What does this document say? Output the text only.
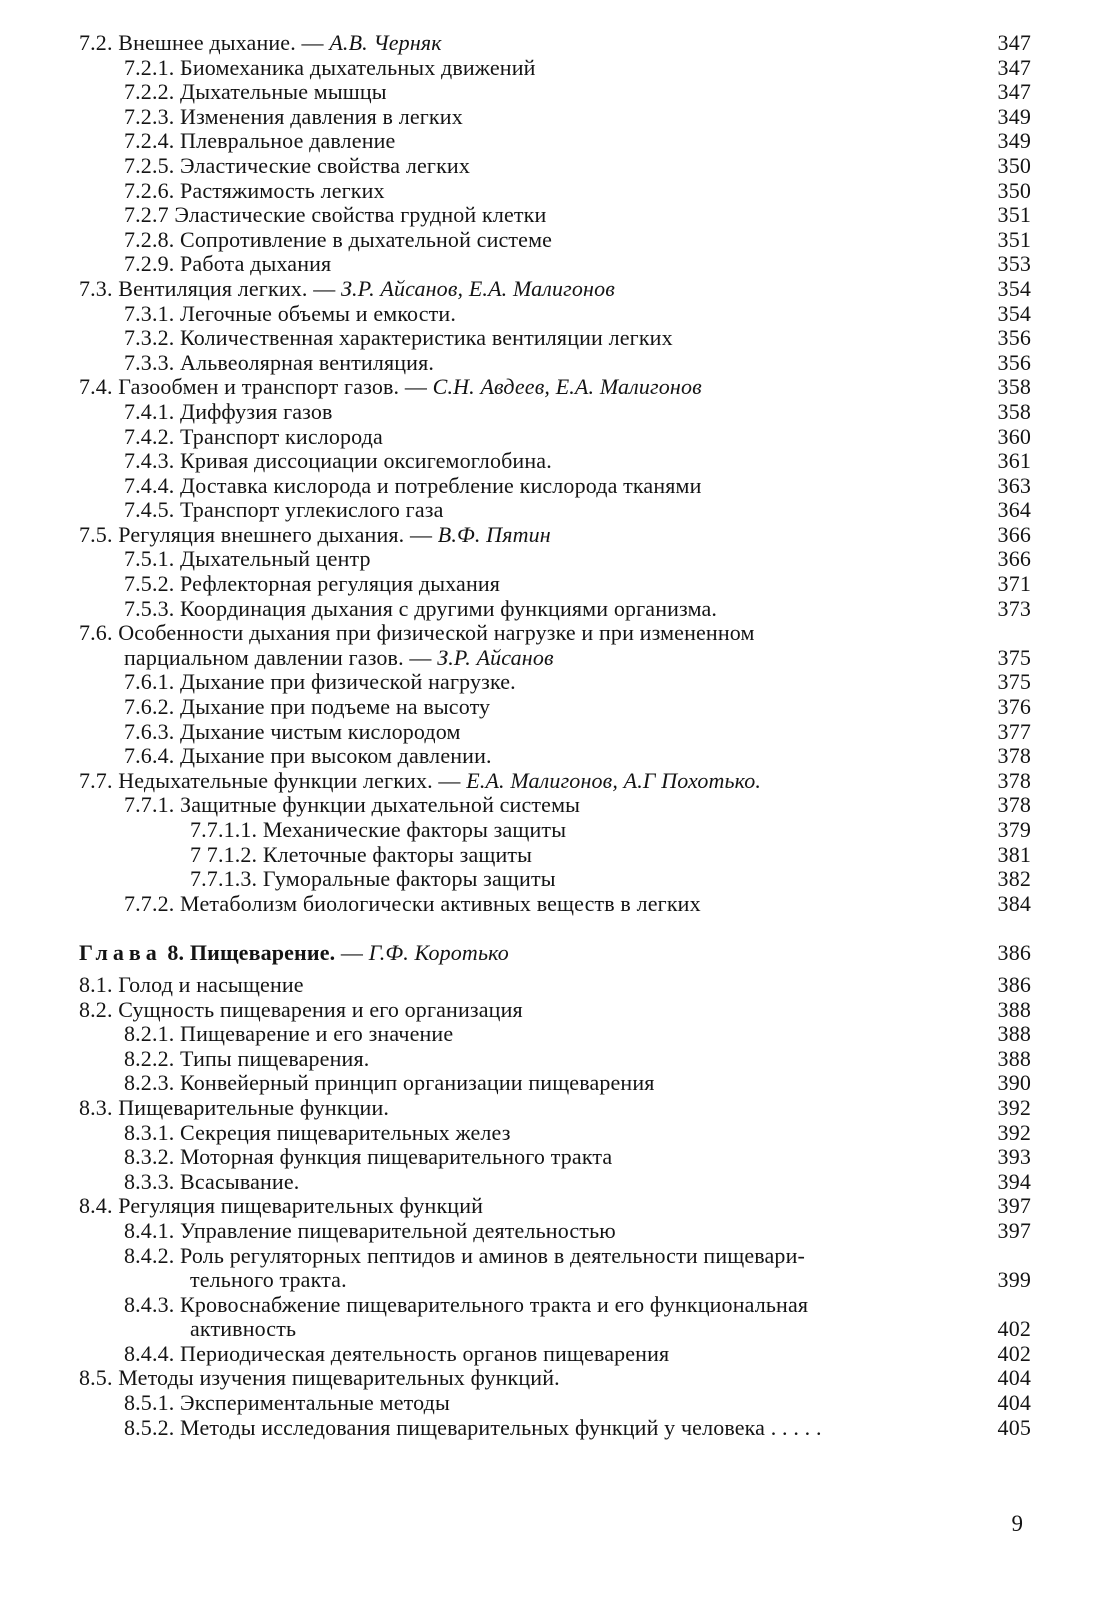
7.2. Внешнее дыхание. — А.В. Черняк	347
7.2.1. Биомеханика дыхательных движений	347
7.2.2. Дыхательные мышцы	347
7.2.3. Изменения давления в легких	349
7.2.4. Плевральное давление	349
7.2.5. Эластические свойства легких	350
7.2.6. Растяжимость легких	350
7.2.7 Эластические свойства грудной клетки	351
7.2.8. Сопротивление в дыхательной системе	351
7.2.9. Работа дыхания	353
7.3. Вентиляция легких. — З.Р. Айсанов, Е.А. Малигонов	354
7.3.1. Легочные объемы и емкости.	354
7.3.2. Количественная характеристика вентиляции легких	356
7.3.3. Альвеолярная вентиляция.	356
7.4. Газообмен и транспорт газов. — С.Н. Авдеев, Е.А. Малигонов	358
7.4.1. Диффузия газов	358
7.4.2. Транспорт кислорода	360
7.4.3. Кривая диссоциации оксигемоглобина.	361
7.4.4. Доставка кислорода и потребление кислорода тканями	363
7.4.5. Транспорт углекислого газа	364
7.5. Регуляция внешнего дыхания. — В.Ф. Пятин	366
7.5.1. Дыхательный центр	366
7.5.2. Рефлекторная регуляция дыхания	371
7.5.3. Координация дыхания с другими функциями организма.	373
7.6. Особенности дыхания при физической нагрузке и при измененном
парциальном давлении газов. — З.Р. Айсанов	375
7.6.1. Дыхание при физической нагрузке.	375
7.6.2. Дыхание при подъеме на высоту	376
7.6.3. Дыхание чистым кислородом	377
7.6.4. Дыхание при высоком давлении.	378
7.7. Недыхательные функции легких. — Е.А. Малигонов, А.Г Похотько.	378
7.7.1. Защитные функции дыхательной системы	378
7.7.1.1. Механические факторы защиты	379
7 7.1.2. Клеточные факторы защиты	381
7.7.1.3. Гуморальные факторы защиты	382
7.7.2. Метаболизм биологически активных веществ в легких	384
Глава 8. Пищеварение. — Г.Ф. Коротько	386
8.1. Голод и насыщение	386
8.2. Сущность пищеварения и его организация	388
8.2.1. Пищеварение и его значение	388
8.2.2. Типы пищеварения.	388
8.2.3. Конвейерный принцип организации пищеварения	390
8.3. Пищеварительные функции.	392
8.3.1. Секреция пищеварительных желез	392
8.3.2. Моторная функция пищеварительного тракта	393
8.3.3. Всасывание.	394
8.4. Регуляция пищеварительных функций	397
8.4.1. Управление пищеварительной деятельностью	397
8.4.2. Роль регуляторных пептидов и аминов в деятельности пищевари-
тельного тракта.	399
8.4.3. Кровоснабжение пищеварительного тракта и его функциональная
активность	402
8.4.4. Периодическая деятельность органов пищеварения	402
8.5. Методы изучения пищеварительных функций.	404
8.5.1. Экспериментальные методы	404
8.5.2. Методы исследования пищеварительных функций у человека . . . . .	405
9
